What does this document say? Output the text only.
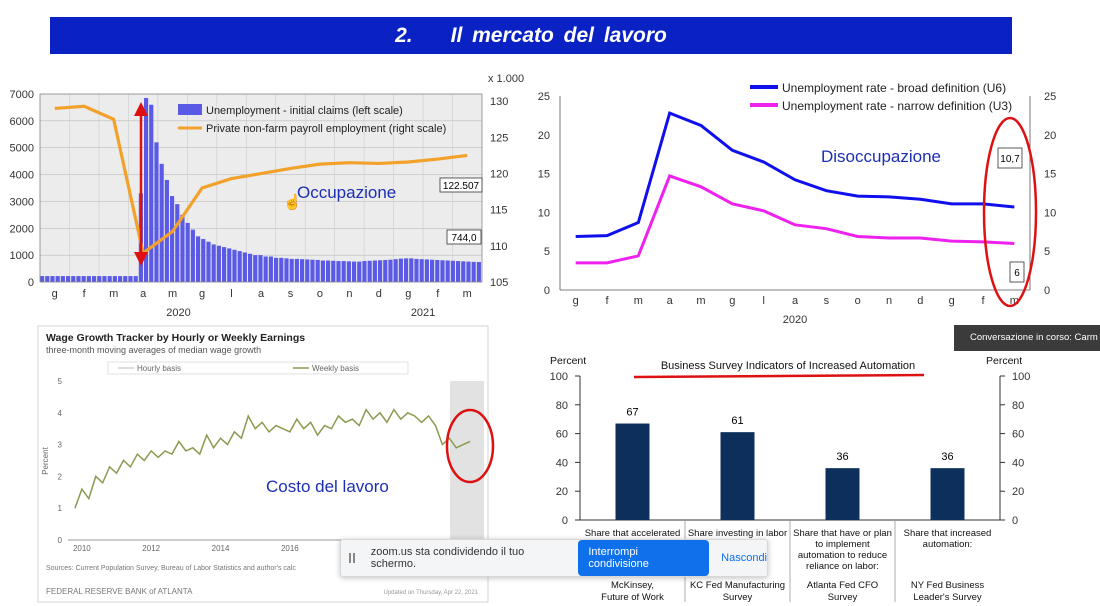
2. Il mercato del lavoro
0
1000
2000
3000
4000
5000
6000
7000
105
110
115
120
125
130
x 1.000
g f m a m g l a s o n d g f m
2020	2021
Unemployment - initial claims (left scale)
Private non-farm payroll employment (right scale)
122.507
744,0
Occupazione
☝
0	0
5	5
10	10
15	15
20	20
25	25
g f m a m g l a s o n d g f m
2020
Unemployment rate - broad definition (U6)
Unemployment rate - narrow definition (U3)
10,7
6
Disoccupazione
Wage Growth Tracker by Hourly or Weekly Earnings
three-month moving averages of median wage growth
Hourly basis	Weekly basis
0
1
2
3
4
5
Percent
2010	2012	2014	2016
Costo del lavoro
Sources: Current Population Survey, Bureau of Labor Statistics and author's calc
FEDERAL RESERVE BANK of ATLANTA	Updated on Thursday, Apr 22, 2021
Percent	Percent
Business Survey Indicators of Increased Automation
0	0
20	20
40	40
60	60
80	80
100	100
67
Share that accelerated
McKinsey,
Future of Work
61
Share investing in labor
KC Fed Manufacturing
Survey
36
Share that have or plan
to implement
automation to reduce
reliance on labor:
Atlanta Fed CFO
Survey
36
Share that increased
automation:
NY Fed Business
Leader's Survey
zoom.us sta condividendo il tuo schermo.
Interrompi condivisione	Nascondi
Conversazione in corso: Carm
